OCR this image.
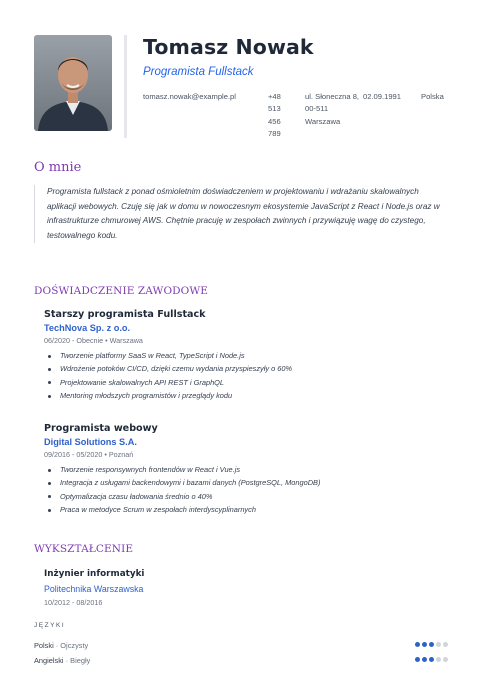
Tomasz Nowak
Programista Fullstack
tomasz.nowak@example.pl	+48 513 456 789
ul. Słoneczna 8, 00-511 Warszawa
02.09.1991	Polska
O mnie
Programista fullstack z ponad ośmioletnim doświadczeniem w projektowaniu i wdrażaniu skalowalnych aplikacji webowych. Czuję się jak w domu w nowoczesnym ekosystemie JavaScript z React i Node.js oraz w infrastrukturze chmurowej AWS. Chętnie pracuję w zespołach zwinnych i przywiązuję wagę do czystego, testowalnego kodu.
DOŚWIADCZENIE ZAWODOWE
Starszy programista Fullstack
TechNova Sp. z o.o.
06/2020 - Obecnie • Warszawa
Tworzenie platformy SaaS w React, TypeScript i Node.js
Wdrożenie potoków CI/CD, dzięki czemu wydania przyspieszyły o 60%
Projektowanie skalowalnych API REST i GraphQL
Mentoring młodszych programistów i przeglądy kodu
Programista webowy
Digital Solutions S.A.
09/2016 - 05/2020 • Poznań
Tworzenie responsywnych frontendów w React i Vue.js
Integracja z usługami backendowymi i bazami danych (PostgreSQL, MongoDB)
Optymalizacja czasu ładowania średnio o 40%
Praca w metodyce Scrum w zespołach interdyscyplinarnych
WYKSZTAŁCENIE
Inżynier informatyki
Politechnika Warszawska
10/2012 - 08/2016
JĘZYKI
Polski · Ojczysty
Angielski · Biegły
